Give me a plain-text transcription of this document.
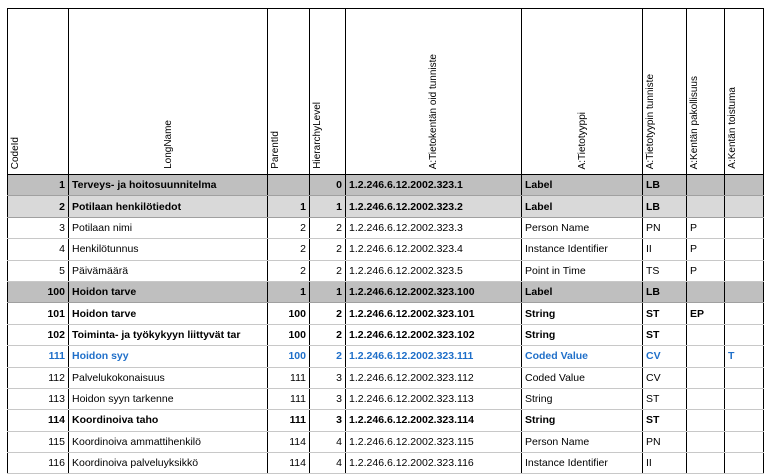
CodeId	LongName	ParentId	HierarchyLevel	A:Tietokentän oid tunniste	A:Tietotyyppi	A:Tietotyypin tunniste	A:Kentän pakollisuus	A:Kentän toistuma
1	Terveys- ja hoitosuunnitelma		0	1.2.246.6.12.2002.323.1	Label	LB		
2	Potilaan henkilötiedot	1	1	1.2.246.6.12.2002.323.2	Label	LB		
3	Potilaan nimi	2	2	1.2.246.6.12.2002.323.3	Person Name	PN	P	
4	Henkilötunnus	2	2	1.2.246.6.12.2002.323.4	Instance Identifier	II	P	
5	Päivämäärä	2	2	1.2.246.6.12.2002.323.5	Point in Time	TS	P	
100	Hoidon tarve	1	1	1.2.246.6.12.2002.323.100	Label	LB		
101	Hoidon tarve	100	2	1.2.246.6.12.2002.323.101	String	ST	EP	
102	Toiminta- ja työkykyyn liittyvät tar	100	2	1.2.246.6.12.2002.323.102	String	ST		
111	Hoidon syy	100	2	1.2.246.6.12.2002.323.111	Coded Value	CV		T
112	Palvelukokonaisuus	111	3	1.2.246.6.12.2002.323.112	Coded Value	CV		
113	Hoidon syyn tarkenne	111	3	1.2.246.6.12.2002.323.113	String	ST		
114	Koordinoiva taho	111	3	1.2.246.6.12.2002.323.114	String	ST		
115	Koordinoiva ammattihenkilö	114	4	1.2.246.6.12.2002.323.115	Person Name	PN		
116	Koordinoiva palveluyksikkö	114	4	1.2.246.6.12.2002.323.116	Instance Identifier	II		
